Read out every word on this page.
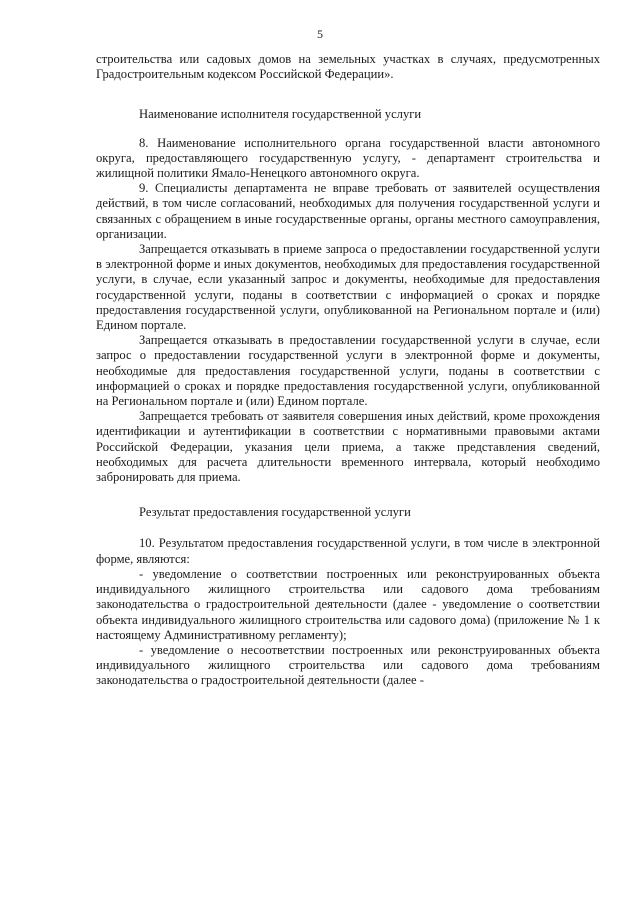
5

строительства или садовых домов на земельных участках в случаях, предусмотренных Градостроительным кодексом Российской Федерации».

Наименование исполнителя государственной услуги

8. Наименование исполнительного органа государственной власти автономного округа, предоставляющего государственную услугу, - департамент строительства и жилищной политики Ямало-Ненецкого автономного округа.

9. Специалисты департамента не вправе требовать от заявителей осуществления действий, в том числе согласований, необходимых для получения государственной услуги и связанных с обращением в иные государственные органы, органы местного самоуправления, организации.

Запрещается отказывать в приеме запроса о предоставлении государственной услуги в электронной форме и иных документов, необходимых для предоставления государственной услуги, в случае, если указанный запрос и документы, необходимые для предоставления государственной услуги, поданы в соответствии с информацией о сроках и порядке предоставления государственной услуги, опубликованной на Региональном портале и (или) Едином портале.

Запрещается отказывать в предоставлении государственной услуги в случае, если запрос о предоставлении государственной услуги в электронной форме и документы, необходимые для предоставления государственной услуги, поданы в соответствии с информацией о сроках и порядке предоставления государственной услуги, опубликованной на Региональном портале и (или) Едином портале.

Запрещается требовать от заявителя совершения иных действий, кроме прохождения идентификации и аутентификации в соответствии с нормативными правовыми актами Российской Федерации, указания цели приема, а также представления сведений, необходимых для расчета длительности временного интервала, который необходимо забронировать для приема.

Результат предоставления государственной услуги

10. Результатом предоставления государственной услуги, в том числе в электронной форме, являются:

- уведомление о соответствии построенных или реконструированных объекта индивидуального жилищного строительства или садового дома требованиям законодательства о градостроительной деятельности (далее - уведомление о соответствии объекта индивидуального жилищного строительства или садового дома) (приложение № 1 к настоящему Административному регламенту);

- уведомление о несоответствии построенных или реконструированных объекта индивидуального жилищного строительства или садового дома требованиям законодательства о градостроительной деятельности (далее -
